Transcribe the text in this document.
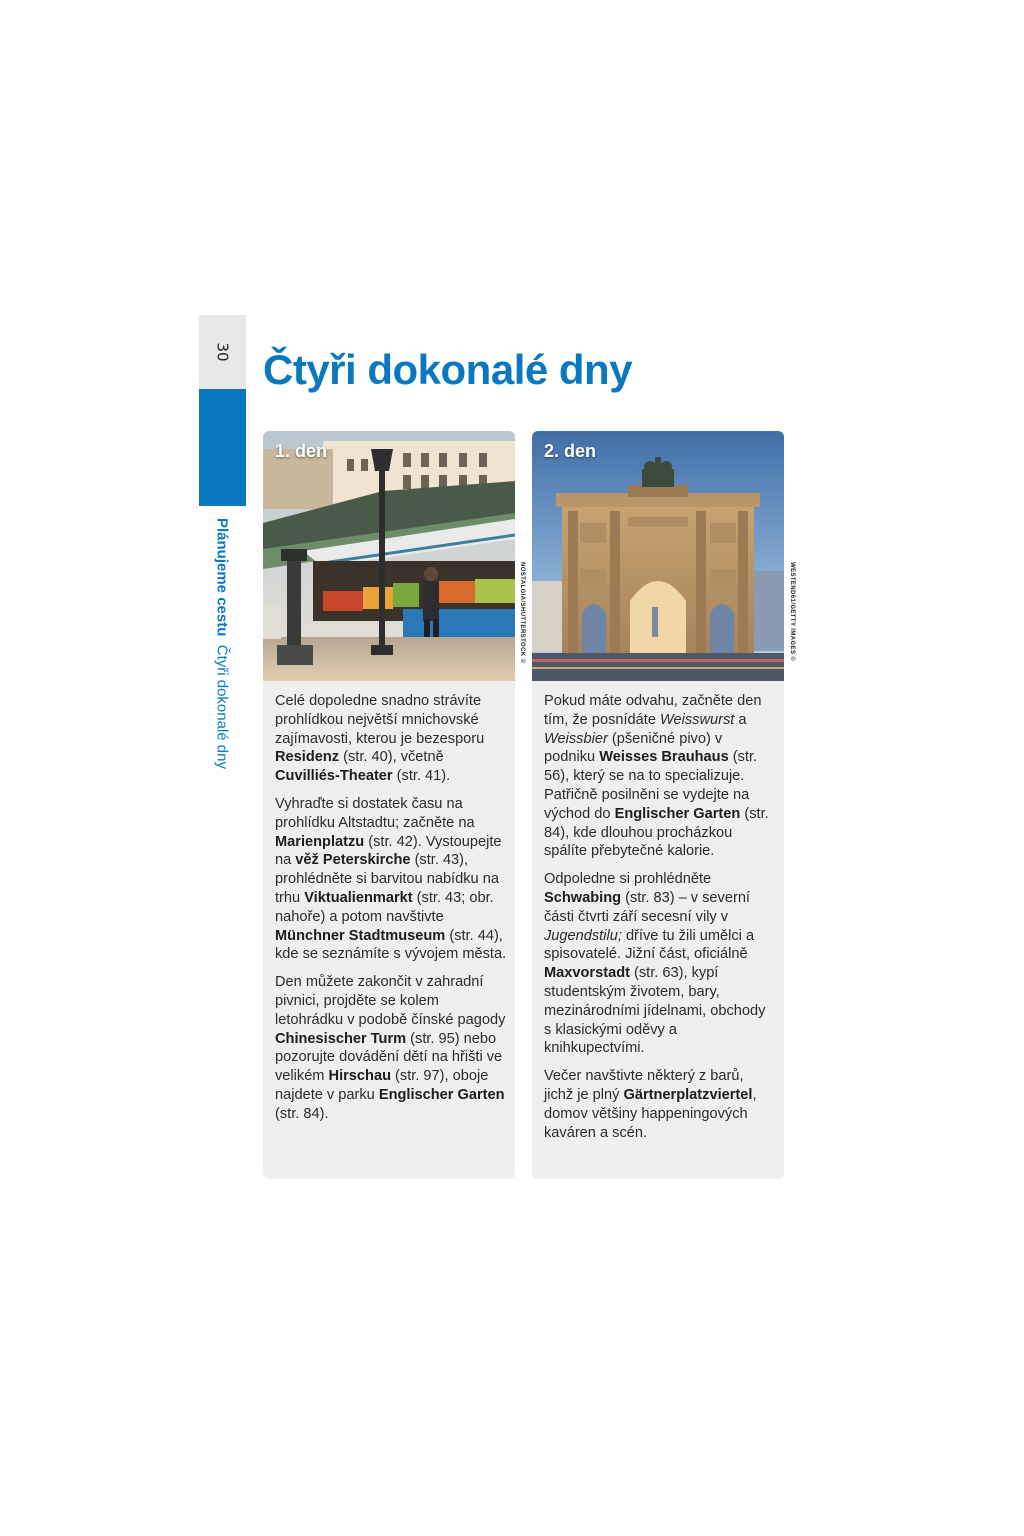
30
Plánujeme cestu  Čtyři dokonalé dny
Čtyři dokonalé dny
1. den

Celé dopoledne snadno strávíte prohlídkou největší mnichovské zajímavosti, kterou je bezesporu Residenz (str. 40), včetně Cuvilliés-Theater (str. 41).

Vyhraďte si dostatek času na prohlídku Altstadtu; začněte na Marienplatzu (str. 42). Vystoupejte na věž Peterskirche (str. 43), prohlédněte si barvitou nabídku na trhu Viktualienmarkt (str. 43; obr. nahoře) a potom navštivte Münchner Stadtmuseum (str. 44), kde se seznámíte s vývojem města.

Den můžete zakončit v zahradní pivnici, projděte se kolem letohrádku v podobě čínské pagody Chinesischer Turm (str. 95) nebo pozorujte dovádění dětí na hřišti ve velikém Hirschau (str. 97), oboje najdete v parku Englischer Garten (str. 84).

NOSTALGIA/SHUTTERSTOCK ©
2. den

Pokud máte odvahu, začněte den tím, že posnídáte Weisswurst a Weissbier (pšeničné pivo) v podniku Weisses Brauhaus (str. 56), který se na to specializuje. Patřičně posilněni se vydejte na východ do Englischer Garten (str. 84), kde dlouhou procházkou spálíte přebytečné kalorie.

Odpoledne si prohlédněte Schwabing (str. 83) – v severní části čtvrti září secesní vily v Jugendstilu; dříve tu žili umělci a spisovatelé. Jižní část, oficiálně Maxvorstadt (str. 63), kypí studentským životem, bary, mezinárodními jídelnami, obchody s klasickými oděvy a knihkupectvími.

Večer navštivte některý z barů, jichž je plný Gärtnerplatzviertel, domov většiny happeningových kaváren a scén.

WESTEND61/GETTY IMAGES ©
